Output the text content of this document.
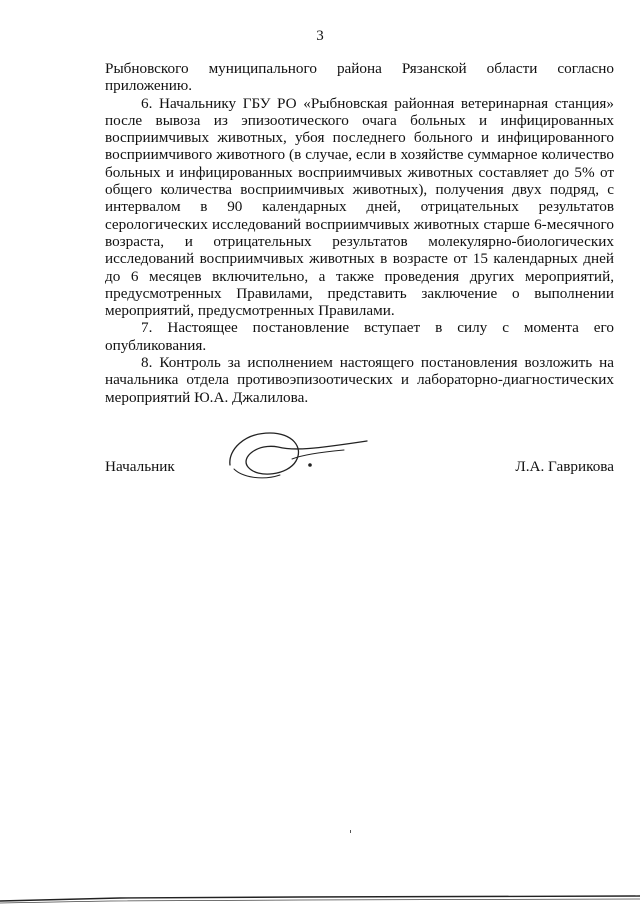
3

Рыбновского муниципального района Рязанской области согласно приложению.

6. Начальнику ГБУ РО «Рыбновская районная ветеринарная станция» после вывоза из эпизоотического очага больных и инфицированных восприимчивых животных, убоя последнего больного и инфицированного восприимчивого животного (в случае, если в хозяйстве суммарное количество больных и инфицированных восприимчивых животных составляет до 5% от общего количества восприимчивых животных), получения двух подряд, с интервалом в 90 календарных дней, отрицательных результатов серологических исследований восприимчивых животных старше 6-месячного возраста, и отрицательных результатов молекулярно-биологических исследований восприимчивых животных в возрасте от 15 календарных дней до 6 месяцев включительно, а также проведения других мероприятий, предусмотренных Правилами, представить заключение о выполнении мероприятий, предусмотренных Правилами.

7. Настоящее постановление вступает в силу с момента его опубликования.

8. Контроль за исполнением настоящего постановления возложить на начальника отдела противоэпизоотических и лабораторно-диагностических мероприятий Ю.А. Джалилова.

Начальник	Л.А. Гаврикова
